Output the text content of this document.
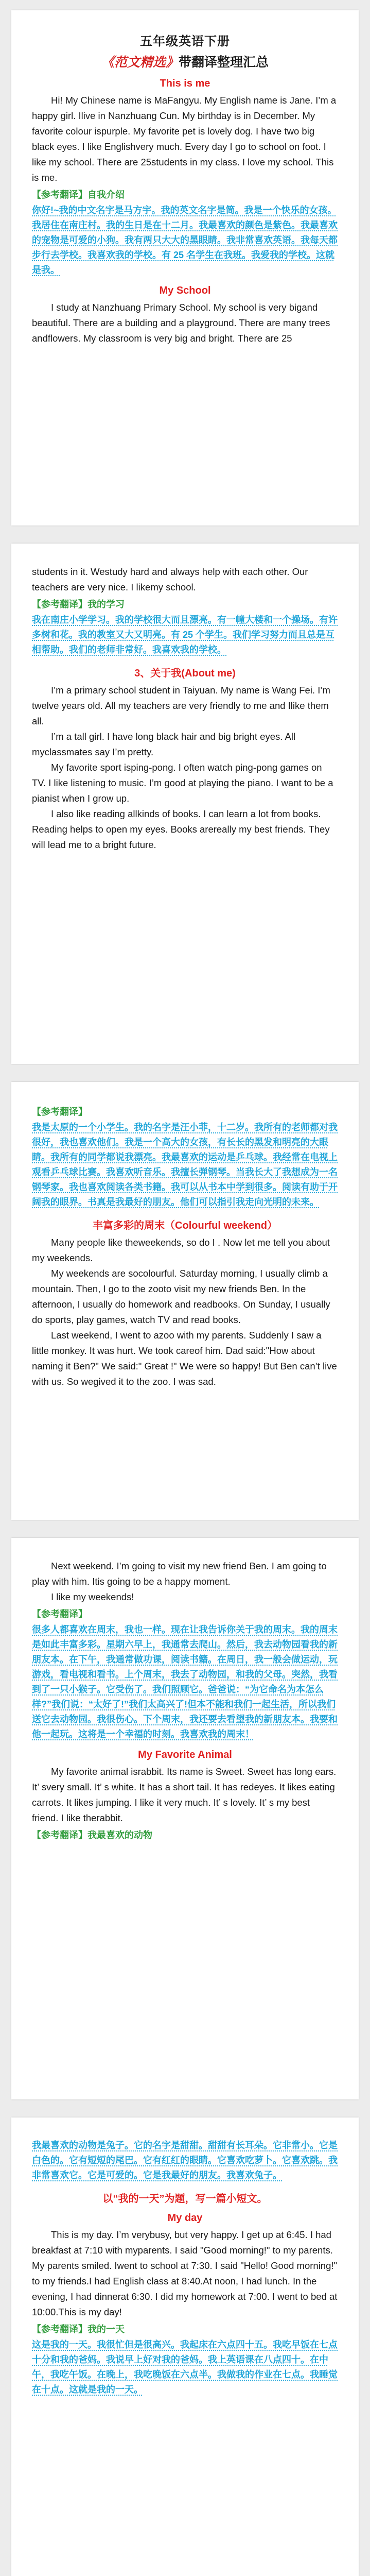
五年级英语下册
《范文精选》带翻译整理汇总
This is me

Hi! My Chinese name is MaFangyu. My English name is Jane. I’m a happy girl. Ilive in Nanzhuang Cun. My birthday is in December. My favorite colour ispurple. My favorite pet is lovely dog. I have two big black eyes. I like Englishvery much. Every day I go to school on foot. I like my school. There are 25students in my class. I love my school. This is me.

【参考翻译】自我介绍

你好!~我的中文名字是马方宇。我的英文名字是简。我是一个快乐的女孩。我居住在南庄村。我的生日是在十二月。我最喜欢的颜色是紫色。我最喜欢的宠物是可爱的小狗。我有两只大大的黑眼睛。我非常喜欢英语。我每天都步行去学校。我喜欢我的学校。有 25 名学生在我班。我爱我的学校。这就是我。

My School

I study at Nanzhuang Primary School. My school is very bigand beautiful. There are a building and a playground. There are many trees andflowers. My classroom is very big and bright. There are 25

students in it. Westudy hard and always help with each other. Our teachers are very nice. I likemy school.

【参考翻译】我的学习

我在南庄小学学习。我的学校很大而且漂亮。有一幢大楼和一个操场。有许多树和花。我的教室又大又明亮。有 25 个学生。我们学习努力而且总是互相帮助。我们的老师非常好。我喜欢我的学校。

3、关于我(About me)

I’m a primary school student in Taiyuan. My name is Wang Fei. I’m twelve years old. All my teachers are very friendly to me and Ilike them all.

I’m a tall girl. I have long black hair and big bright eyes. All myclassmates say I’m pretty.

My favorite sport isping-pong. I often watch ping-pong games on TV. I like listening to music. I’m good at playing the piano. I want to be a pianist when I grow up.

I also like reading allkinds of books. I can learn a lot from books. Reading helps to open my eyes. Books arereally my best friends. They will lead me to a bright future.

【参考翻译】

我是太原的一个小学生。我的名字是汪小菲，十二岁。我所有的老师都对我很好，我也喜欢他们。我是一个高大的女孩，有长长的黑发和明亮的大眼睛。我所有的同学都说我漂亮。我最喜欢的运动是乒乓球。我经常在电视上观看乒乓球比赛。我喜欢听音乐。我擅长弹钢琴。当我长大了我想成为一名钢琴家。我也喜欢阅读各类书籍。我可以从书本中学到很多。阅读有助于开阔我的眼界。书真是我最好的朋友。他们可以指引我走向光明的未来。

丰富多彩的周末（Colourful weekend）

Many people like theweekends, so do I . Now let me tell you about my weekends.

My weekends are socolourful. Saturday morning, I usually climb a mountain. Then, I go to the zooto visit my new friends Ben. In the afternoon, I usually do homework and readbooks. On Sunday, I usually do sports, play games, watch TV and read books.

Last weekend, I went to azoo with my parents. Suddenly I saw a little monkey. It was hurt. We took careof him. Dad said:"How about naming it Ben?" We said:" Great !" We were so happy! But Ben can’t live with us. So wegived it to the zoo. I was sad.

Next weekend. I’m going to visit my new friend Ben. I am going to play with him. Itis going to be a happy moment.

I like my weekends!

【参考翻译】

很多人都喜欢在周末，我也一样。现在让我告诉你关于我的周末。我的周末是如此丰富多彩。星期六早上，我通常去爬山。然后，我去动物园看我的新朋友本。在下午，我通常做功课，阅读书籍。在周日，我一般会做运动，玩游戏，看电视和看书。上个周末，我去了动物园，和我的父母。突然，我看到了一只小猴子。它受伤了。我们照顾它。爸爸说：“为它命名为本怎么样?”我们说：“太好了!”我们太高兴了!但本不能和我们一起生活，所以我们送它去动物园。我很伤心。下个周末，我还要去看望我的新朋友本。我要和他一起玩。这将是一个幸福的时刻。我喜欢我的周末！

My Favorite Animal

My favorite animal israbbit. Its name is Sweet. Sweet has long ears. It’ svery small. It’ s white. It has a short tail. It has redeyes. It likes eating carrots. It likes jumping. I like it very much. It’ s lovely. It’ s my best friend. I like therabbit.

【参考翻译】我最喜欢的动物

我最喜欢的动物是兔子。它的名字是甜甜。甜甜有长耳朵。它非常小。它是白色的。它有短短的尾巴。它有红红的眼睛。它喜欢吃萝卜。它喜欢跳。我非常喜欢它。它是可爱的。它是我最好的朋友。我喜欢兔子。

以“我的一天”为题，写一篇小短文。
My day

This is my day. I’m verybusy, but very happy. I get up at 6:45. I had breakfast at 7:10 with myparents. I said "Good morning!" to my parents. My parents smiled. Iwent to school at 7:30. I said "Hello! Good morning!" to my friends.I had English class at 8:40.At noon, I had lunch. In the evening, I had dinnerat 6:30. I did my homework at 7:00. I went to bed at 10:00.This is my day!

【参考翻译】我的一天

这是我的一天。我很忙但是很高兴。我起床在六点四十五。我吃早饭在七点十分和我的爸妈。我说早上好对我的爸妈。我上英语课在八点四十。在中午，我吃午饭。在晚上，我吃晚饭在六点半。我做我的作业在七点。我睡觉在十点。这就是我的一天。
